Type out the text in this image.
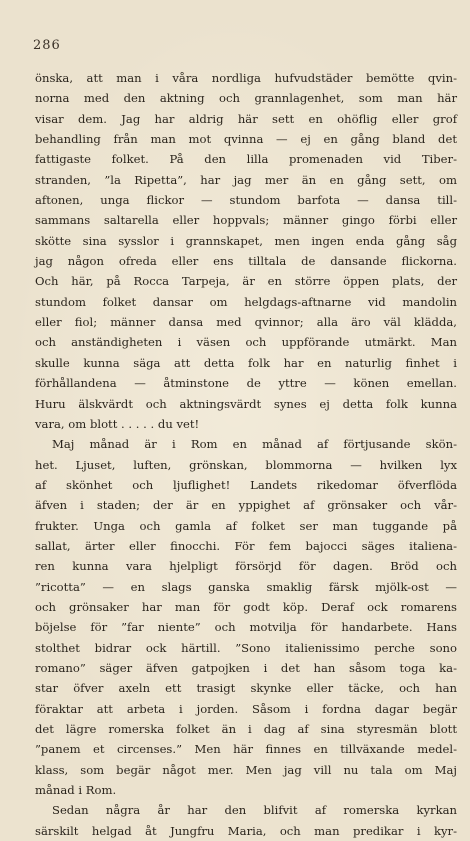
286
önska, att man i våra nordliga hufvudstäder bemötte qvin-
norna med den aktning och grannlagenhet, som man här
visar dem. Jag har aldrig här sett en ohöflig eller grof
behandling från man mot qvinna — ej en gång bland det
fattigaste folket. På den lilla promenaden vid Tiber-
stranden, ”la Ripetta”, har jag mer än en gång sett, om
aftonen, unga flickor — stundom barfota — dansa till-
sammans saltarella eller hoppvals; männer gingo förbi eller
skötte sina sysslor i grannskapet, men ingen enda gång såg
jag någon ofreda eller ens tilltala de dansande flickorna.
Och här, på Rocca Tarpeja, är en större öppen plats, der
stundom folket dansar om helgdags-aftnarne vid mandolin
eller fiol; männer dansa med qvinnor; alla äro väl klädda,
och anständigheten i väsen och uppförande utmärkt. Man
skulle kunna säga att detta folk har en naturlig finhet i
förhållandena — åtminstone de yttre — könen emellan.
Huru älskvärdt och aktningsvärdt synes ej detta folk kunna
vara, om blott . . . . . du vet!
Maj månad är i Rom en månad af förtjusande skön-
het. Ljuset, luften, grönskan, blommorna — hvilken lyx
af skönhet och ljuflighet! Landets rikedomar öfverflöda
äfven i staden; der är en yppighet af grönsaker och vår-
frukter. Unga och gamla af folket ser man tuggande på
sallat, ärter eller finocchi. För fem bajocci säges italiena-
ren kunna vara hjelpligt försörjd för dagen. Bröd och
”ricotta” — en slags ganska smaklig färsk mjölk-ost —
och grönsaker har man för godt köp. Deraf ock romarens
böjelse för ”far niente” och motvilja för handarbete. Hans
stolthet bidrar ock härtill. ”Sono italienissimo perche sono
romano” säger äfven gatpojken i det han såsom toga ka-
star öfver axeln ett trasigt skynke eller täcke, och han
föraktar att arbeta i jorden. Såsom i fordna dagar begär
det lägre romerska folket än i dag af sina styresmän blott
”panem et circenses.” Men här finnes en tillväxande medel-
klass, som begär något mer. Men jag vill nu tala om Maj
månad i Rom.
Sedan några år har den blifvit af romerska kyrkan
särskilt helgad åt Jungfru Maria, och man predikar i kyr-
